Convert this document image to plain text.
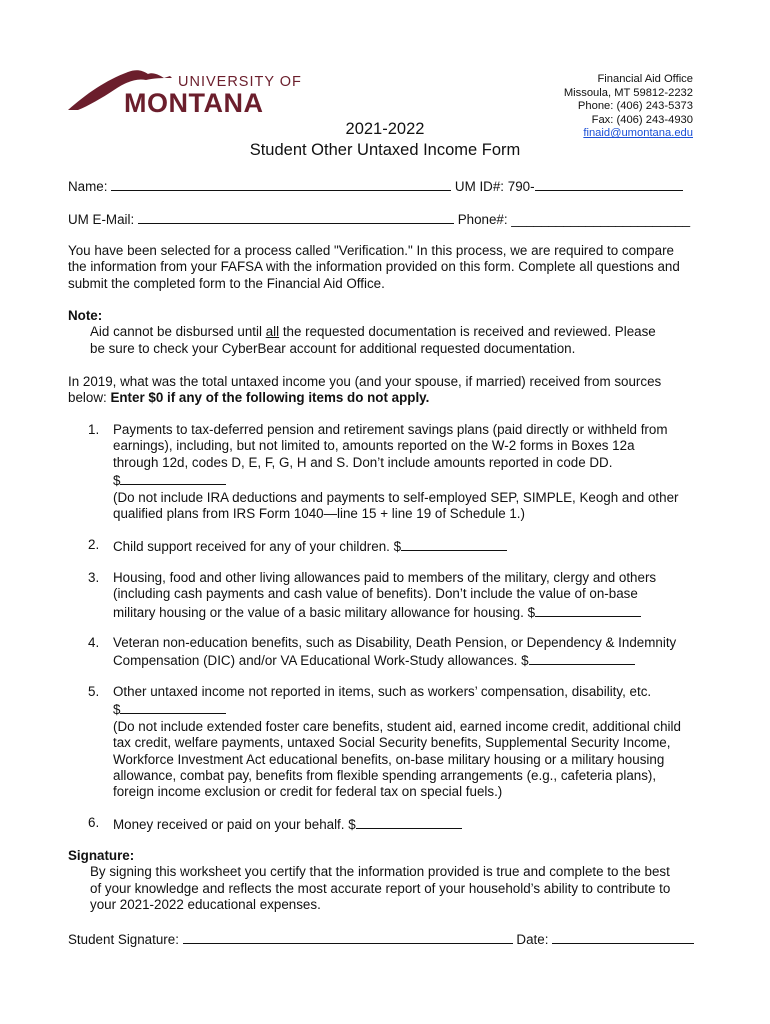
UNIVERSITY OF
MONTANA
Financial Aid Office
Missoula, MT 59812-2232
Phone: (406) 243-5373
Fax: (406) 243-4930
finaid@umontana.edu
2021-2022
Student Other Untaxed Income Form
Name:	UM ID#: 790-
UM E-Mail:	Phone#: ________________________
You have been selected for a process called "Verification." In this process, we are required to compare
the information from your FAFSA with the information provided on this form. Complete all questions and
submit the completed form to the Financial Aid Office.
Note:
Aid cannot be disbursed until all the requested documentation is received and reviewed. Please
be sure to check your CyberBear account for additional requested documentation.
In 2019, what was the total untaxed income you (and your spouse, if married) received from sources
below: Enter $0 if any of the following items do not apply.
1. Payments to tax-deferred pension and retirement savings plans (paid directly or withheld from
earnings), including, but not limited to, amounts reported on the W-2 forms in Boxes 12a
through 12d, codes D, E, F, G, H and S. Don’t include amounts reported in code DD.
$
(Do not include IRA deductions and payments to self-employed SEP, SIMPLE, Keogh and other
qualified plans from IRS Form 1040—line 15 + line 19 of Schedule 1.)
2. Child support received for any of your children. $
3. Housing, food and other living allowances paid to members of the military, clergy and others
(including cash payments and cash value of benefits). Don’t include the value of on-base
military housing or the value of a basic military allowance for housing. $
4. Veteran non-education benefits, such as Disability, Death Pension, or Dependency & Indemnity
Compensation (DIC) and/or VA Educational Work-Study allowances. $
5. Other untaxed income not reported in items, such as workers’ compensation, disability, etc.
$
(Do not include extended foster care benefits, student aid, earned income credit, additional child
tax credit, welfare payments, untaxed Social Security benefits, Supplemental Security Income,
Workforce Investment Act educational benefits, on-base military housing or a military housing
allowance, combat pay, benefits from flexible spending arrangements (e.g., cafeteria plans),
foreign income exclusion or credit for federal tax on special fuels.)
6. Money received or paid on your behalf. $
Signature:
By signing this worksheet you certify that the information provided is true and complete to the best
of your knowledge and reflects the most accurate report of your household’s ability to contribute to
your 2021-2022 educational expenses.
Student Signature:	Date:
